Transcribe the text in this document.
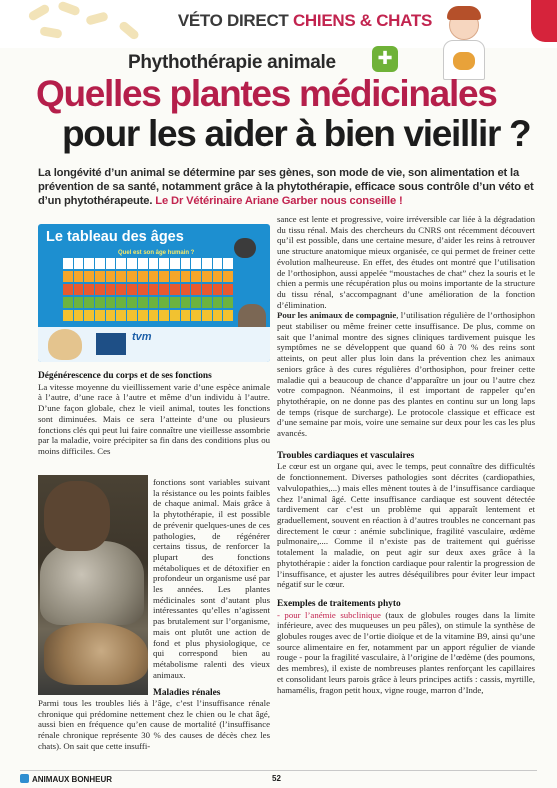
VÉTO DIRECT CHIENS & CHATS
Phythothérapie animale	✚
Quelles plantes médicinales
pour les aider à bien vieillir ?
La longévité d’un animal se détermine par ses gènes, son mode de vie, son alimentation et la prévention de sa santé, notamment grâce à la phytothérapie, efficace sous contrôle d’un véto et d’un phytothérapeute. Le Dr Vétérinaire Ariane Garber nous conseille !
Le tableau des âges
Quel est son âge humain ?
tvm

Dégénérescence du corps et de ses fonctions

La vitesse moyenne du vieillissement varie d’une espèce animale à l’autre, d’une race à l’autre et même d’un individu à l’autre. D’une façon globale, chez le vieil animal, toutes les fonctions sont diminuées. Mais ce sera l’atteinte d’une ou plusieurs fonctions clés qui peut lui faire connaître une vieillesse assombrie par la maladie, voire précipiter sa fin dans des conditions plus ou moins difficiles. Ces

fonctions sont variables suivant la résistance ou les points faibles de chaque animal. Mais grâce à la phytothérapie, il est possible de prévenir quelques-unes de ces pathologies, de régénérer certains tissus, de renforcer la plupart des fonctions métaboliques et de détoxifier en profondeur un organisme usé par les années. Les plantes médicinales sont d’autant plus intéressantes qu’elles n’agissent pas brutalement sur l’organisme, mais ont plutôt une action de fond et plus physiologique, ce qui correspond bien au métabolisme ralenti des vieux animaux.

Maladies rénales

Parmi tous les troubles liés à l’âge, c’est l’insuffisance rénale chronique qui prédomine nettement chez le chien ou le chat âgé, aussi bien en fréquence qu’en cause de mortalité (l’insuffisance rénale chronique représente 30 % des causes de décès chez les chats). On sait que cette insuffi-

sance est lente et progressive, voire irréversible car liée à la dégradation du tissu rénal. Mais des chercheurs du CNRS ont récemment découvert qu’il est possible, dans une certaine mesure, d’aider les reins à retrouver une structure anatomique mieux organisée, ce qui permet de freiner cette évolution malheureuse. En effet, des études ont montré que l’utilisation de l’orthosiphon, aussi appelée “moustaches de chat” chez la souris et le chien a permis une récupération plus ou moins importante de la structure du tissu rénal, s’accompagnant d’une amélioration de la fonction d’élimination.

Pour les animaux de compagnie, l’utilisation régulière de l’orthosiphon peut stabiliser ou même freiner cette insuffisance. De plus, comme on sait que l’animal montre des signes cliniques tardivement puisque les symptômes ne se développent que quand 60 à 70 % des reins sont atteints, on peut aller plus loin dans la prévention chez les animaux seniors grâce à des cures régulières d’orthosiphon, pour freiner cette maladie qui a beaucoup de chance d’apparaître un jour ou l’autre chez votre compagnon. Néanmoins, il est important de rappeler qu’en phytothérapie, on ne donne pas des plantes en continu sur un long laps de temps (risque de surcharge). Le protocole classique et efficace est d’une semaine par mois, voire une semaine sur deux pour les cas les plus avancés.

Troubles cardiaques et vasculaires

Le cœur est un organe qui, avec le temps, peut connaître des difficultés de fonctionnement. Diverses pathologies sont décrites (cardiopathies, valvulopathies,...) mais elles mènent toutes à de l’insuffisance cardiaque chez l’animal âgé. Cette insuffisance cardiaque est souvent détectée tardivement car c’est un problème qui apparaît lentement et graduellement, souvent en réaction à d’autres troubles ne concernant pas directement le cœur : anémie subclinique, fragilité vasculaire, œdème pulmonaire,.... Comme il n’existe pas de traitement qui guérisse totalement la maladie, on peut agir sur deux axes grâce à la phytothérapie : aider la fonction cardiaque pour ralentir la progression de l’insuffisance, et ajuster les autres déséquilibres pour éviter leur impact négatif sur le cœur.

Exemples de traitements phyto

- pour l’anémie subclinique (taux de globules rouges dans la limite inférieure, avec des muqueuses un peu pâles), on stimule la synthèse de globules rouges avec de l’ortie dioïque et de la vitamine B9, ainsi qu’une source alimentaire en fer, notamment par un apport régulier de viande rouge - pour la fragilité vasculaire, à l’origine de l’œdème (des poumons, des membres), il existe de nombreuses plantes renforçant les capillaires et consolidant leurs parois grâce à leurs principes actifs : cassis, myrtille, hamamélis, fragon petit houx, vigne rouge, marron d’Inde,

ANIMAUX BONHEUR	52
